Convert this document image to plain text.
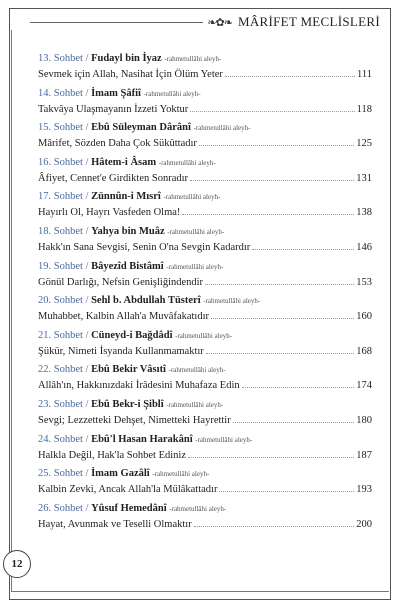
❧✿❧ MÂRİFET MECLİSLERİ
13. Sohbet / Fudayl bin İyaz -rahmetullâhi aleyh-
Sevmek için Allah, Nasihat İçin Ölüm Yeter	111
14. Sohbet / İmam Şâfiî -rahmetullâhi aleyh-
Takvâya Ulaşmayanın İzzeti Yoktur	118
15. Sohbet / Ebû Süleyman Dârânî -rahmetullâhi aleyh-
Mârifet, Sözden Daha Çok Sükûttadır	125
16. Sohbet / Hâtem-i Âsam -rahmetullâhi aleyh-
Âfiyet, Cennet'e Girdikten Sonradır	131
17. Sohbet / Zünnûn-i Mısrî -rahmetullâhi aleyh-
Hayırlı Ol, Hayrı Vasfeden Olma!	138
18. Sohbet / Yahya bin Muâz -rahmetullâhi aleyh-
Hakk'ın Sana Sevgisi, Senin O'na Sevgin Kadardır	146
19. Sohbet / Bâyezîd Bistâmî -rahmetullâhi aleyh-
Gönül Darlığı, Nefsin Genişliğindendir	153
20. Sohbet / Sehl b. Abdullah Tüsterî -rahmetullâhi aleyh-
Muhabbet, Kalbin Allah'a Muvâfakatıdır	160
21. Sohbet / Cüneyd-i Bağdâdî -rahmetullâhi aleyh-
Şükür, Nimeti İsyanda Kullanmamaktır	168
22. Sohbet / Ebû Bekir Vâsıtî -rahmetullâhi aleyh-
Allâh'ın, Hakkınızdaki İrâdesini Muhafaza Edin	174
23. Sohbet / Ebû Bekr-i Şiblî -rahmetullâhi aleyh-
Sevgi; Lezzetteki Dehşet, Nimetteki Hayrettir	180
24. Sohbet / Ebû'l Hasan Harakânî -rahmetullâhi aleyh-
Halkla Değil, Hak'la Sohbet Ediniz	187
25. Sohbet / İmam Gazâlî -rahmetullâhi aleyh-
Kalbin Zevki, Ancak Allah'la Mülâkattadır	193
26. Sohbet / Yûsuf Hemedânî -rahmetullâhi aleyh-
Hayat, Avunmak ve Teselli Olmaktır	200
12
